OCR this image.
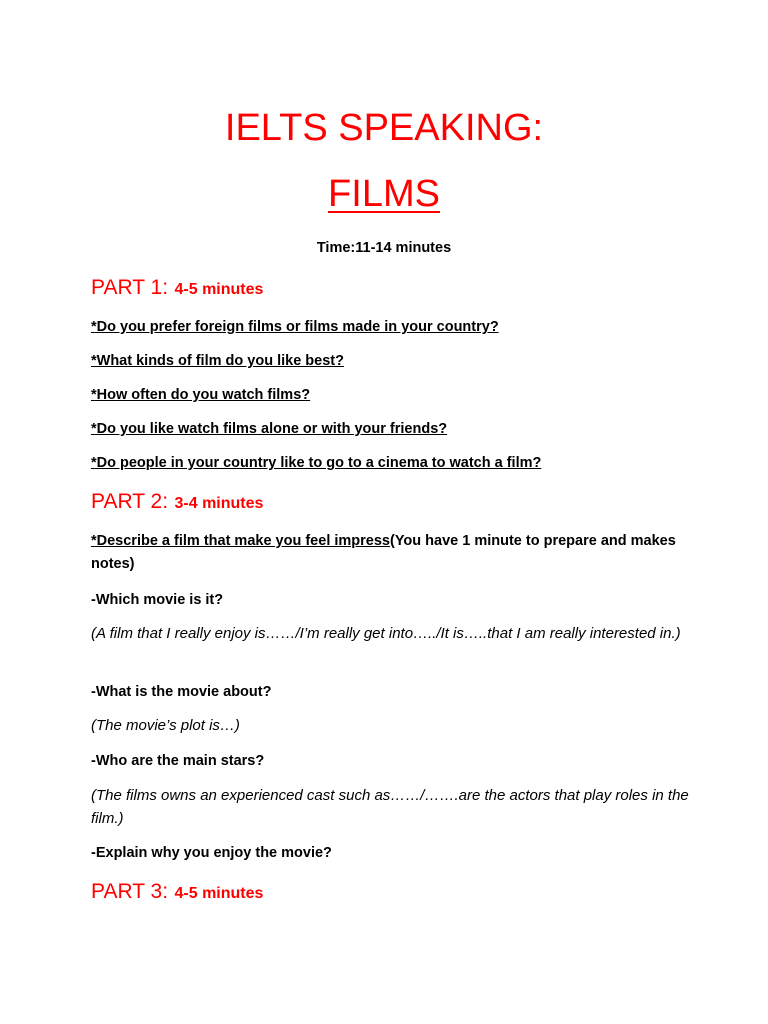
IELTS SPEAKING:
FILMS
Time:11-14 minutes
PART 1: 4-5 minutes
*Do you prefer foreign films or films made in your country?
*What kinds of film do you like best?
*How often do you watch films?
*Do you like watch films alone or with your friends?
*Do people in your country like to go to a cinema to watch a film?
PART 2: 3-4 minutes
*Describe a film that make you feel impress(You have 1 minute to prepare and makes notes)
-Which movie is it?
(A film that I really enjoy is……/I’m really get into…../It is…..that I am really interested in.)
-What is the movie about?
(The movie’s plot is…)
-Who are the main stars?
(The films owns an experienced cast such as……/…….are the actors that play roles in the film.)
-Explain why you enjoy the movie?
PART 3: 4-5 minutes
